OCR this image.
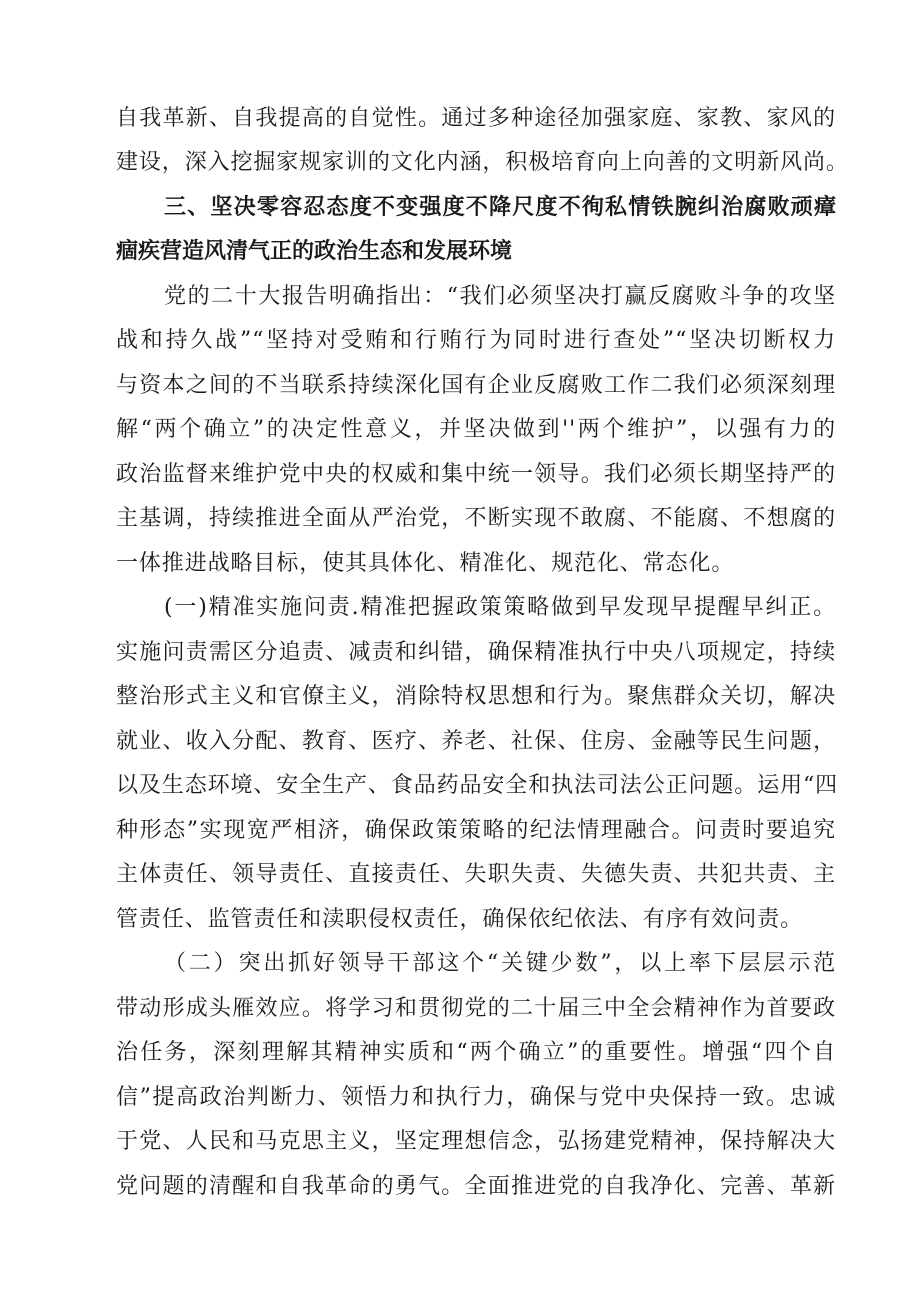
自我革新、自我提高的自觉性。通过多种途径加强家庭、家教、家风的
建设，深入挖掘家规家训的文化内涵，积极培育向上向善的文明新风尚。
三、坚决零容忍态度不变强度不降尺度不徇私情铁腕纠治腐败顽瘴
痼疾营造风清气正的政治生态和发展环境
党的二十大报告明确指出：“我们必须坚决打赢反腐败斗争的攻坚
战和持久战”“坚持对受贿和行贿行为同时进行查处”“坚决切断权力
与资本之间的不当联系持续深化国有企业反腐败工作二我们必须深刻理
解“两个确立”的决定性意义，并坚决做到''两个维护”，以强有力的
政治监督来维护党中央的权威和集中统一领导。我们必须长期坚持严的
主基调，持续推进全面从严治党，不断实现不敢腐、不能腐、不想腐的
一体推进战略目标，使其具体化、精准化、规范化、常态化。
(一)精准实施问责.精准把握政策策略做到早发现早提醒早纠正。
实施问责需区分追责、减责和纠错，确保精准执行中央八项规定，持续
整治形式主义和官僚主义，消除特权思想和行为。聚焦群众关切，解决
就业、收入分配、教育、医疗、养老、社保、住房、金融等民生问题，
以及生态环境、安全生产、食品药品安全和执法司法公正问题。运用“四
种形态”实现宽严相济，确保政策策略的纪法情理融合。问责时要追究
主体责任、领导责任、直接责任、失职失责、失德失责、共犯共责、主
管责任、监管责任和渎职侵权责任，确保依纪依法、有序有效问责。
（二）突出抓好领导干部这个“关键少数”，以上率下层层示范
带动形成头雁效应。将学习和贯彻党的二十届三中全会精神作为首要政
治任务，深刻理解其精神实质和“两个确立”的重要性。增强“四个自
信”提高政治判断力、领悟力和执行力，确保与党中央保持一致。忠诚
于党、人民和马克思主义，坚定理想信念，弘扬建党精神，保持解决大
党问题的清醒和自我革命的勇气。全面推进党的自我净化、完善、革新
